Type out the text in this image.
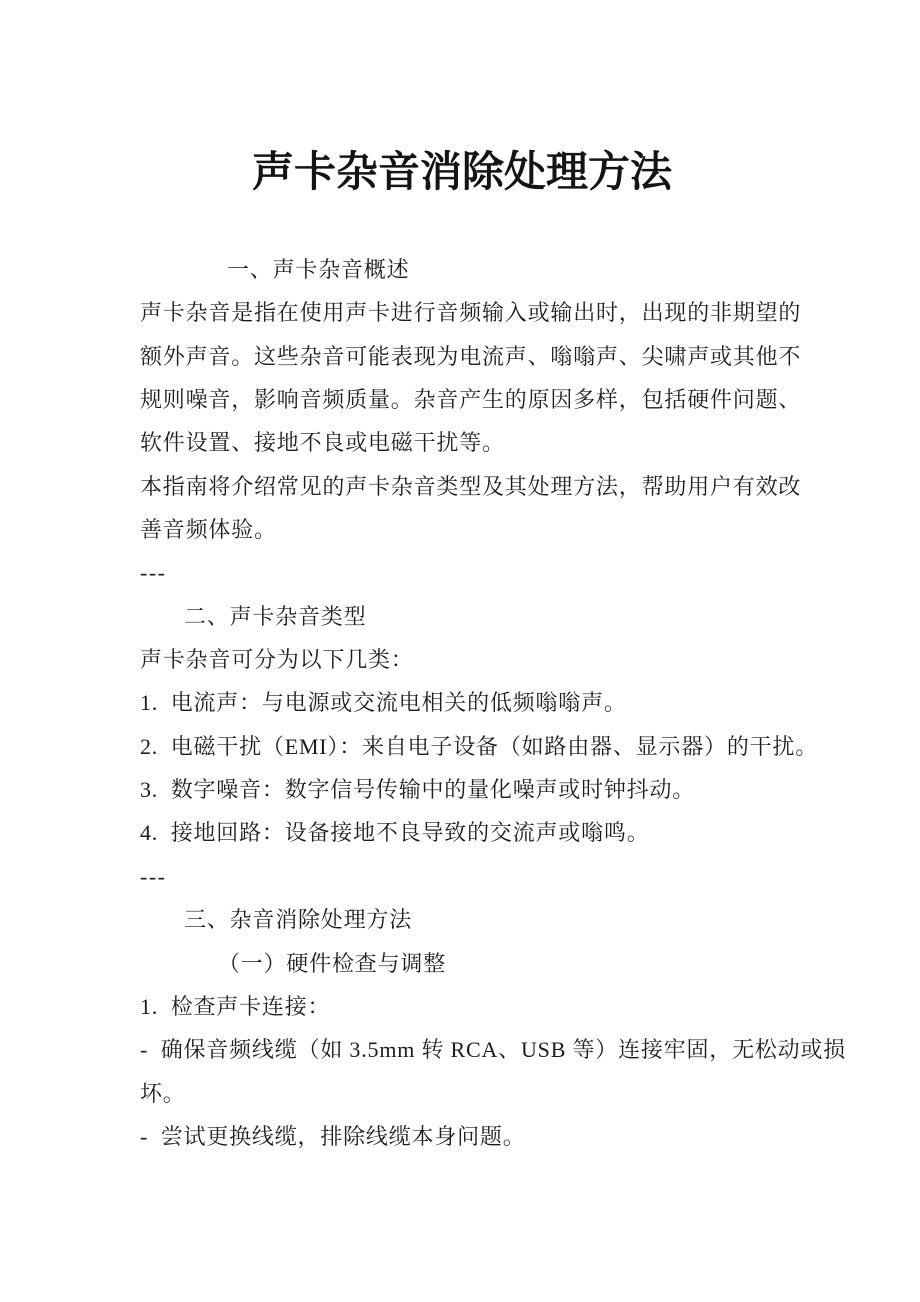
声卡杂音消除处理方法
一、声卡杂音概述
声卡杂音是指在使用声卡进行音频输入或输出时，出现的非期望的
额外声音。这些杂音可能表现为电流声、嗡嗡声、尖啸声或其他不
规则噪音，影响音频质量。杂音产生的原因多样，包括硬件问题、
软件设置、接地不良或电磁干扰等。
本指南将介绍常见的声卡杂音类型及其处理方法，帮助用户有效改
善音频体验。
---
二、声卡杂音类型
声卡杂音可分为以下几类：
1.  电流声：与电源或交流电相关的低频嗡嗡声。
2.  电磁干扰（EMI）：来自电子设备（如路由器、显示器）的干扰。
3.  数字噪音：数字信号传输中的量化噪声或时钟抖动。
4.  接地回路：设备接地不良导致的交流声或嗡鸣。
---
三、杂音消除处理方法
（一）硬件检查与调整
1.  检查声卡连接：
-  确保音频线缆（如 3.5mm 转 RCA、USB 等）连接牢固，无松动或损
坏。
-  尝试更换线缆，排除线缆本身问题。
